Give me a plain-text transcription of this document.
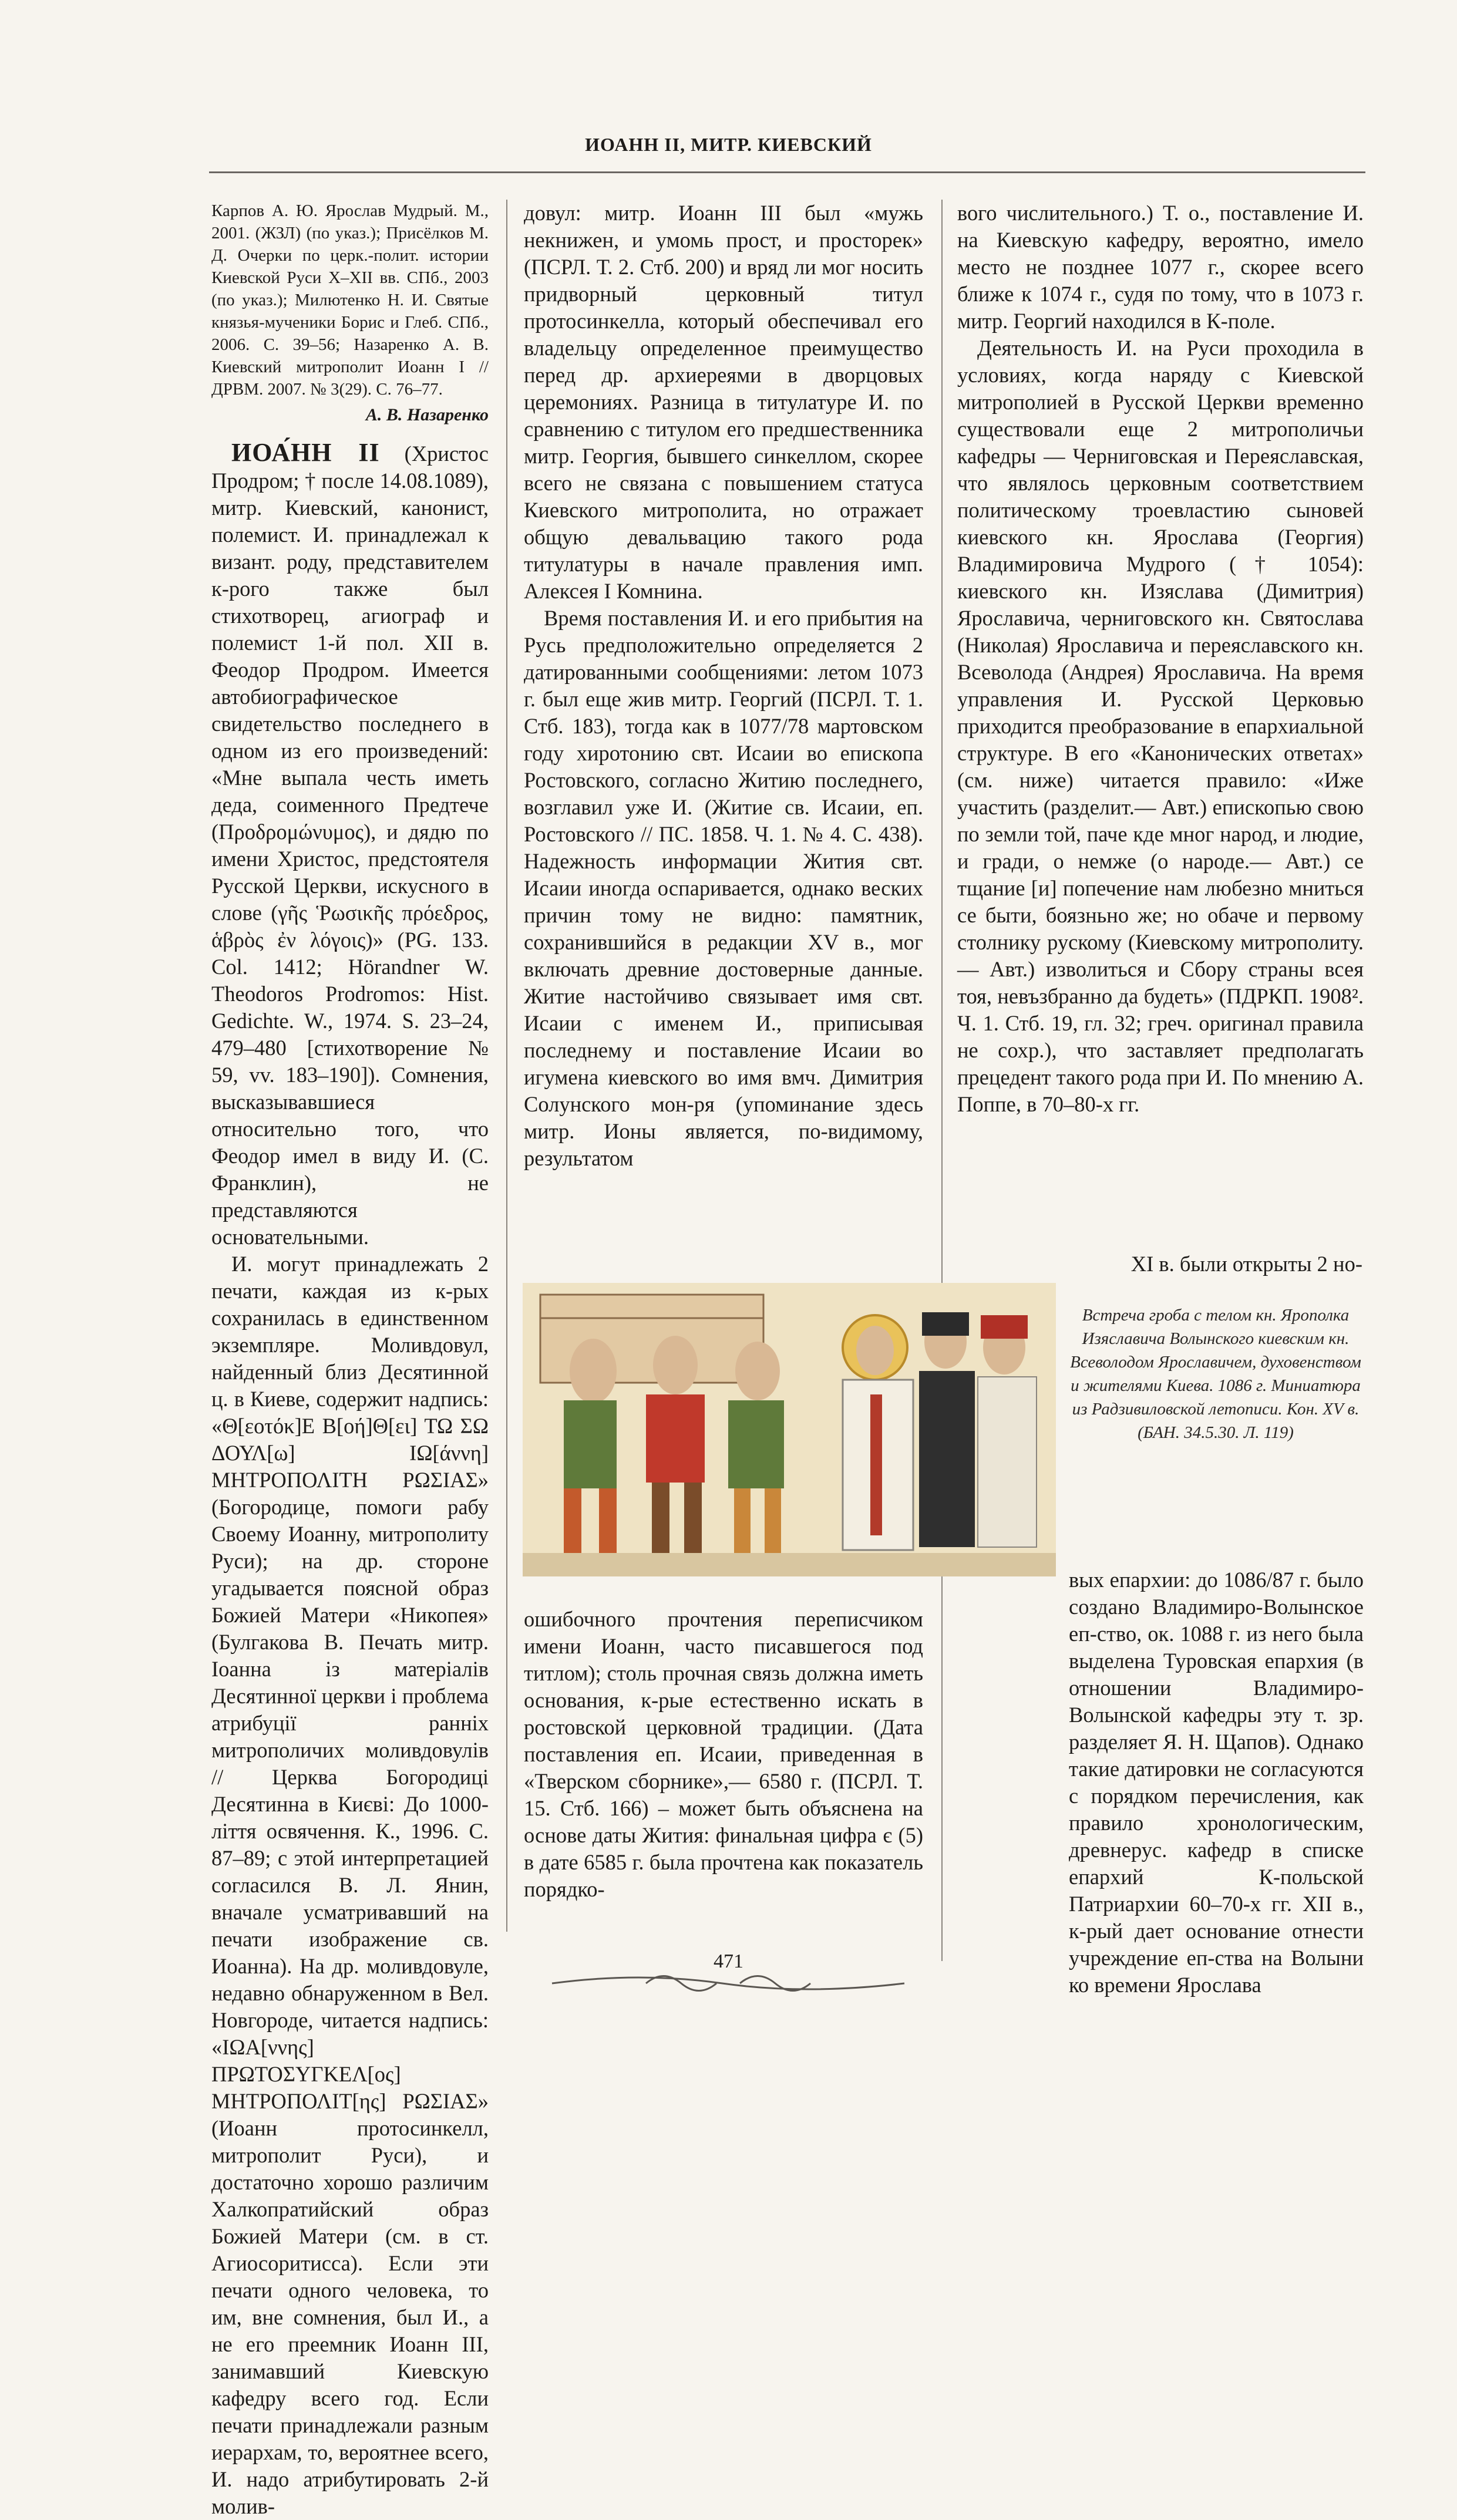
ИОАНН II, МИТР. КИЕВСКИЙ

Карпов А. Ю. Ярослав Мудрый. М., 2001. (ЖЗЛ) (по указ.); Присёлков М. Д. Очерки по церк.-полит. истории Киевской Руси X–XII вв. СПб., 2003 (по указ.); Милютенко Н. И. Святые князья-мученики Борис и Глеб. СПб., 2006. С. 39–56; Назаренко А. В. Киевский митрополит Иоанн I // ДРВМ. 2007. № 3(29). С. 76–77.

А. В. Назаренко

ИОА́НН II (Христос Продром; † после 14.08.1089), митр. Киевский, канонист, полемист. И. принадлежал к визант. роду, представителем к-рого также был стихотворец, агиограф и полемист 1-й пол. XII в. Феодор Продром. Имеется автобиографическое свидетельство последнего в одном из его произведений: «Мне выпала честь иметь деда, соименного Предтече (Προδρομώνυμος), и дядю по имени Христос, предстоятеля Русской Церкви, искусного в слове (γῆς Ῥωσικῆς πρόεδρος, ἁβρὸς ἐν λόγοις)» (PG. 133. Col. 1412; Hörandner W. Theodoros Prodromos: Hist. Gedichte. W., 1974. S. 23–24, 479–480 [стихотворение № 59, vv. 183–190]). Сомнения, высказывавшиеся относительно того, что Феодор имел в виду И. (С. Франклин), не представляются основательными.

И. могут принадлежать 2 печати, каждая из к-рых сохранилась в единственном экземпляре. Моливдовул, найденный близ Десятинной ц. в Киеве, содержит надпись: «Θ[εοτόκ]Ε Β[οή]Θ[ει] ΤΩ ΣΩ ΔΟΥΛ[ω] ΙΩ[άννη] ΜΗΤΡΟΠΟΛΙΤΗ ΡΩΣΙΑΣ» (Богородице, помоги рабу Своему Иоанну, митрополиту Руси); на др. стороне угадывается поясной образ Божией Матери «Никопея» (Булгакова В. Печать митр. Іоанна із матеріалів Десятинної церкви і проблема атрибуції ранніх митрополичих моливдовулів // Церква Богородиці Десятинна в Києві: До 1000-ліття освячення. К., 1996. С. 87–89; с этой интерпретацией согласился В. Л. Янин, вначале усматривавший на печати изображение св. Иоанна). На др. моливдовуле, недавно обнаруженном в Вел. Новгороде, читается надпись: «ΙΩΑ[ννης] ΠΡΩΤΟΣΥΓΚΕΛ[ος] ΜΗΤΡΟΠΟΛΙΤ[ης] ΡΩΣΙΑΣ» (Иоанн протосинкелл, митрополит Руси), и достаточно хорошо различим Халкопратийский образ Божией Матери (см. в ст. Агиосоритисса). Если эти печати одного человека, то им, вне сомнения, был И., а не его преемник Иоанн III, занимавший Киевскую кафедру всего год. Если печати принадлежали разным иерархам, то, вероятнее всего, И. надо атрибутировать 2-й молив-

довул: митр. Иоанн III был «мужь некнижен, и умомь прост, и просторек» (ПСРЛ. Т. 2. Стб. 200) и вряд ли мог носить придворный церковный титул протосинкелла, который обеспечивал его владельцу определенное преимущество перед др. архиереями в дворцовых церемониях. Разница в титулатуре И. по сравнению с титулом его предшественника митр. Георгия, бывшего синкеллом, скорее всего не связана с повышением статуса Киевского митрополита, но отражает общую девальвацию такого рода титулатуры в начале правления имп. Алексея I Комнина.

Время поставления И. и его прибытия на Русь предположительно определяется 2 датированными сообщениями: летом 1073 г. был еще жив митр. Георгий (ПСРЛ. Т. 1. Стб. 183), тогда как в 1077/78 мартовском году хиротонию свт. Исаии во епископа Ростовского, согласно Житию последнего, возглавил уже И. (Житие св. Исаии, еп. Ростовского // ПС. 1858. Ч. 1. № 4. С. 438). Надежность информации Жития свт. Исаии иногда оспаривается, однако веских причин тому не видно: памятник, сохранившийся в редакции XV в., мог включать древние достоверные данные. Житие настойчиво связывает имя свт. Исаии с именем И., приписывая последнему и поставление Исаии во игумена киевского во имя вмч. Димитрия Солунского мон-ря (упоминание здесь митр. Ионы является, по-видимому, результатом

вого числительного.) Т. о., поставление И. на Киевскую кафедру, вероятно, имело место не позднее 1077 г., скорее всего ближе к 1074 г., судя по тому, что в 1073 г. митр. Георгий находился в К-поле.

Деятельность И. на Руси проходила в условиях, когда наряду с Киевской митрополией в Русской Церкви временно существовали еще 2 митрополичьи кафедры — Черниговская и Переяславская, что являлось церковным соответствием политическому троевластию сыновей киевского кн. Ярослава (Георгия) Владимировича Мудрого († 1054): киевского кн. Изяслава (Димитрия) Ярославича, черниговского кн. Святослава (Николая) Ярославича и переяславского кн. Всеволода (Андрея) Ярославича. На время управления И. Русской Церковью приходится преобразование в епархиальной структуре. В его «Канонических ответах» (см. ниже) читается правило: «Иже участить (разделит.— Авт.) епископью свою по земли той, паче кде мног народ, и людие, и гради, о немже (о народе.— Авт.) се тщание [и] попечение нам любезно мниться се быти, боязньно же; но обаче и первому столнику рускому (Киевскому митрополиту.— Авт.) изволиться и Сбору страны всея тоя, невъзбранно да будеть» (ПДРКП. 1908². Ч. 1. Стб. 19, гл. 32; греч. оригинал правила не сохр.), что заставляет предполагать прецедент такого рода при И. По мнению А. Поппе, в 70–80-х гг.

XI в. были открыты 2 но-

Встреча гроба с телом кн. Ярополка Изяславича Волынского киевским кн. Всеволодом Ярославичем, духовенством и жителями Киева. 1086 г. Миниатюра из Радзивиловской летописи. Кон. XV в. (БАН. 34.5.30. Л. 119)

ошибочного прочтения переписчиком имени Иоанн, часто писавшегося под титлом); столь прочная связь должна иметь основания, к-рые естественно искать в ростовской церковной традиции. (Дата поставления еп. Исаии, приведенная в «Тверском сборнике»,— 6580 г. (ПСРЛ. Т. 15. Стб. 166) – может быть объяснена на основе даты Жития: финальная цифра є (5) в дате 6585 г. была прочтена как показатель порядко-

вых епархии: до 1086/87 г. было создано Владимиро-Волынское еп-ство, ок. 1088 г. из него была выделена Туровская епархия (в отношении Владимиро-Волынской кафедры эту т. зр. разделяет Я. Н. Щапов). Однако такие датировки не согласуются с порядком перечисления, как правило хронологическим, древнерус. кафедр в списке епархий К-польской Патриархии 60–70-х гг. XII в., к-рый дает основание отнести учреждение еп-ства на Волыни ко времени Ярослава

471
